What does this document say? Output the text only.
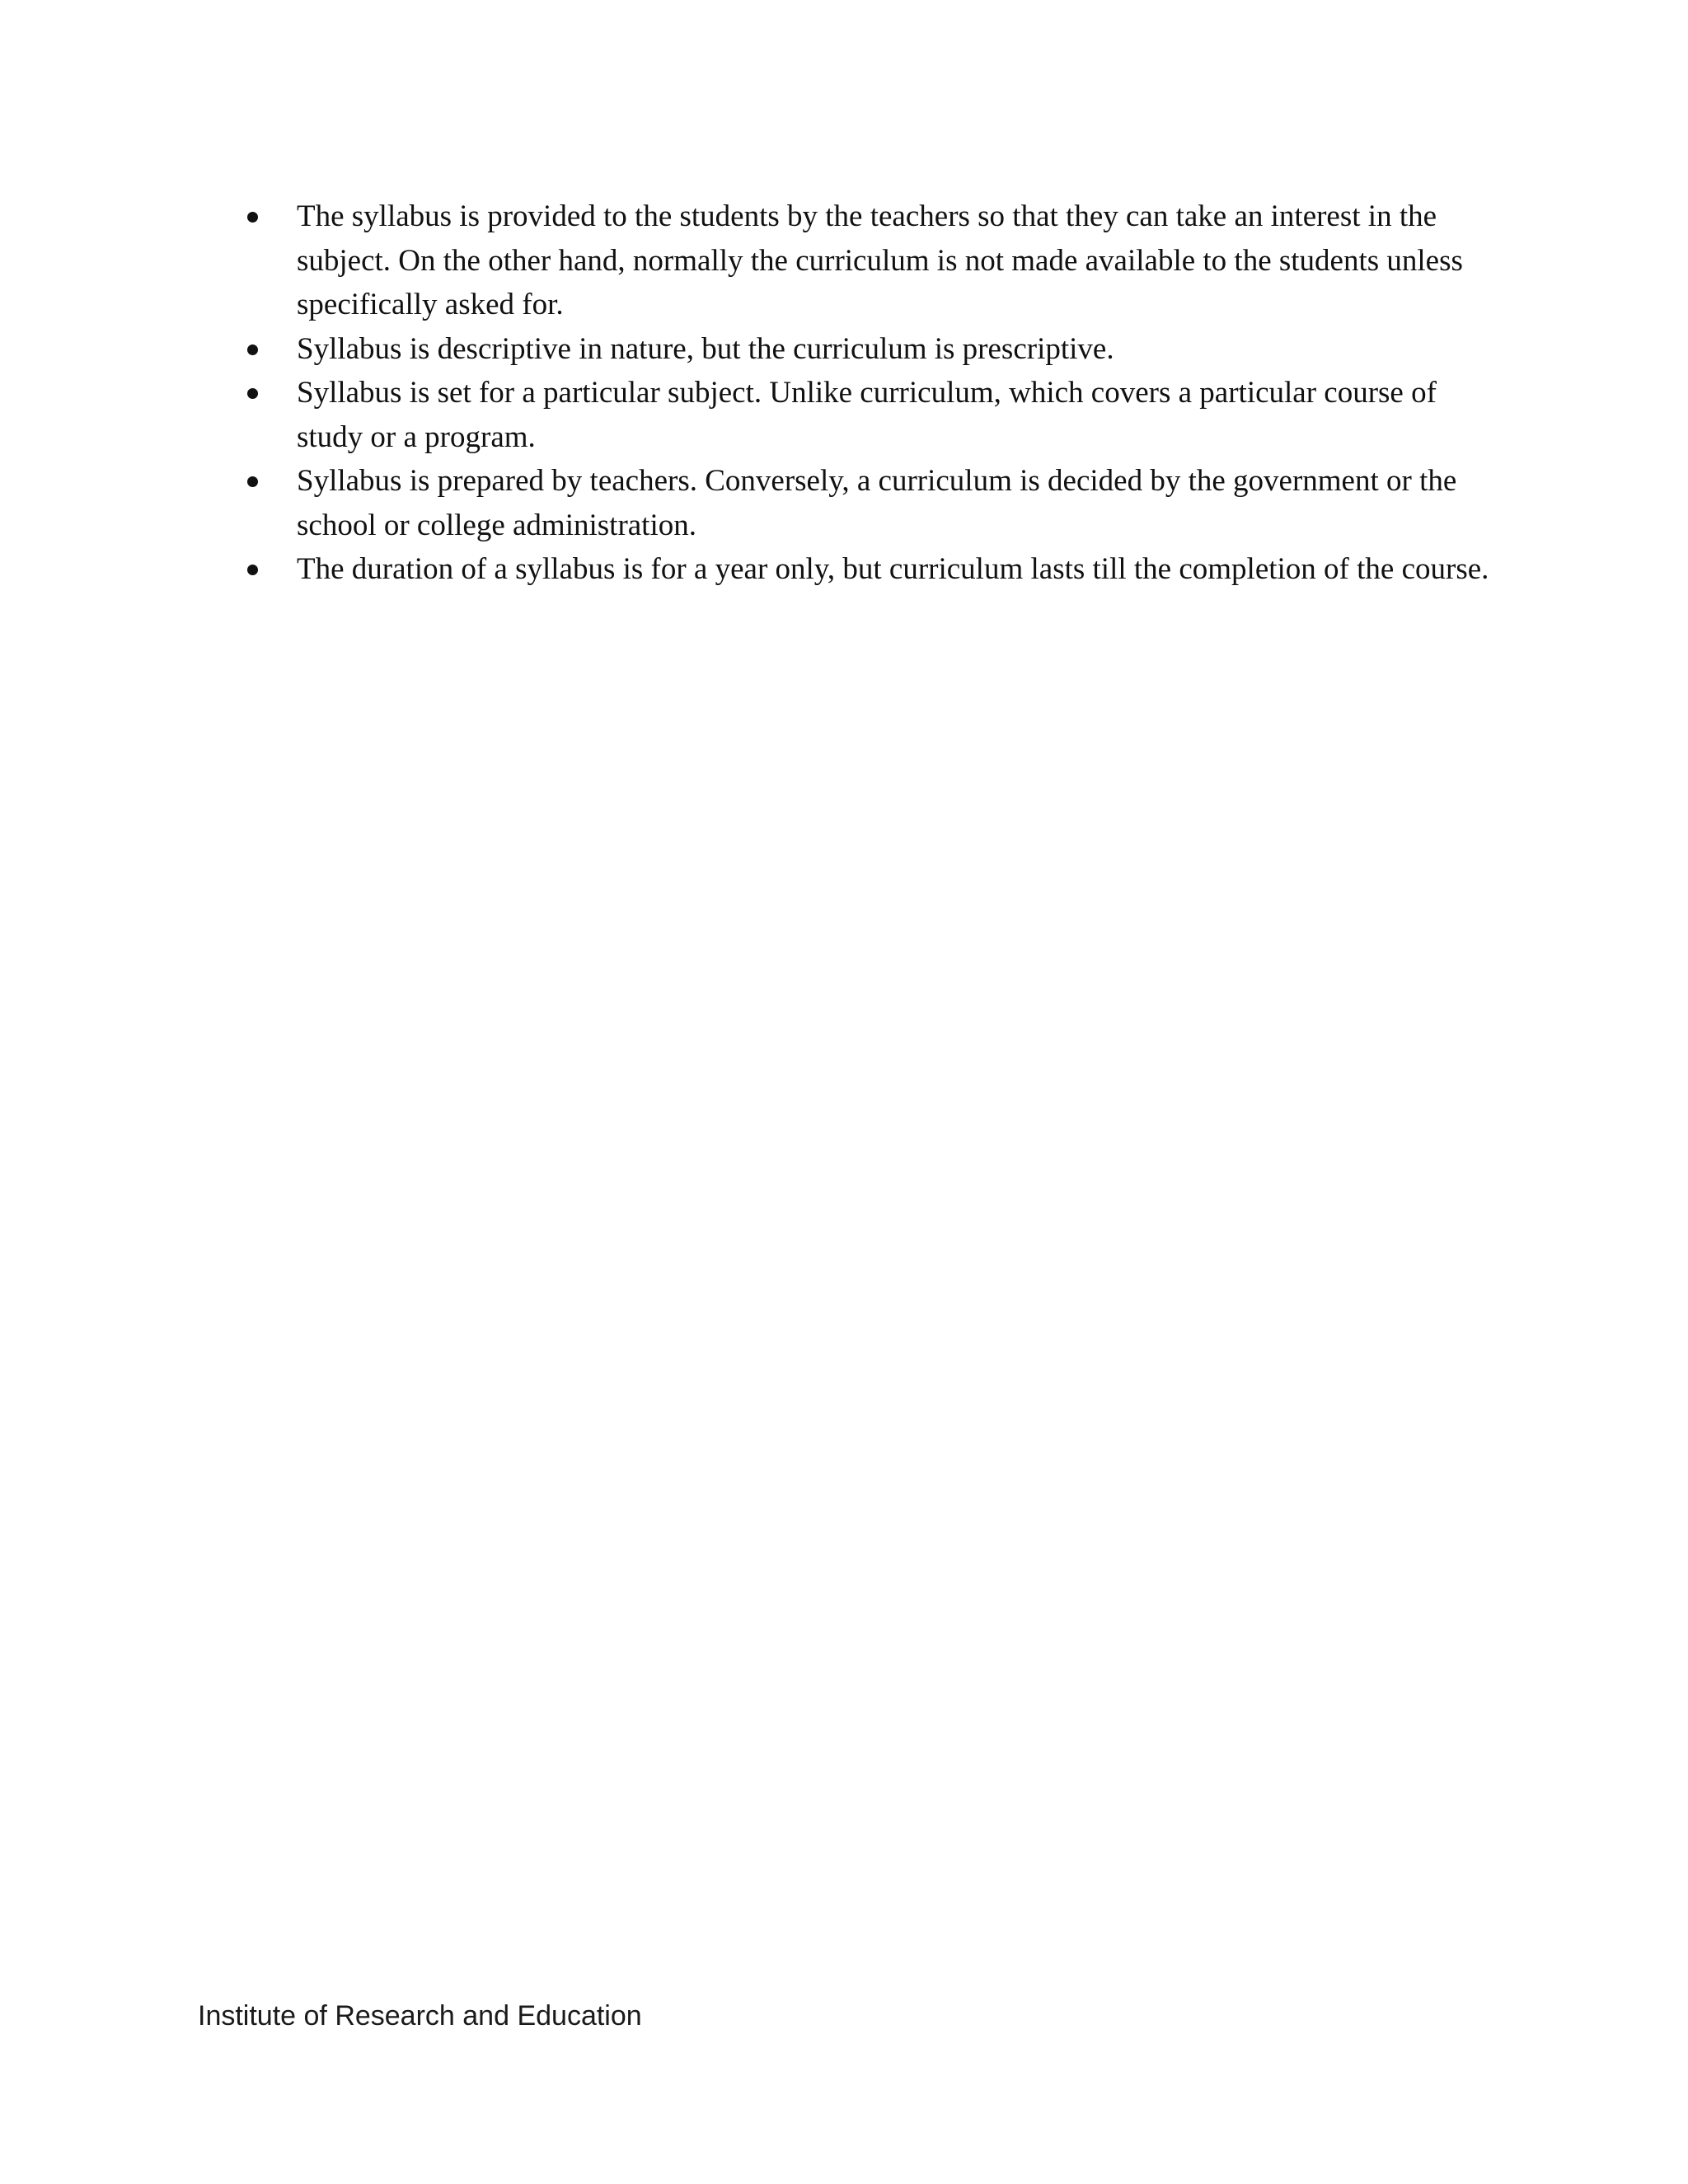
The syllabus is provided to the students by the teachers so that they can take an interest in the subject. On the other hand, normally the curriculum is not made available to the students unless specifically asked for.
Syllabus is descriptive in nature, but the curriculum is prescriptive.
Syllabus is set for a particular subject. Unlike curriculum, which covers a particular course of study or a program.
Syllabus is prepared by teachers. Conversely, a curriculum is decided by the government or the school or college administration.
The duration of a syllabus is for a year only, but curriculum lasts till the completion of the course.
Institute of Research and Education
